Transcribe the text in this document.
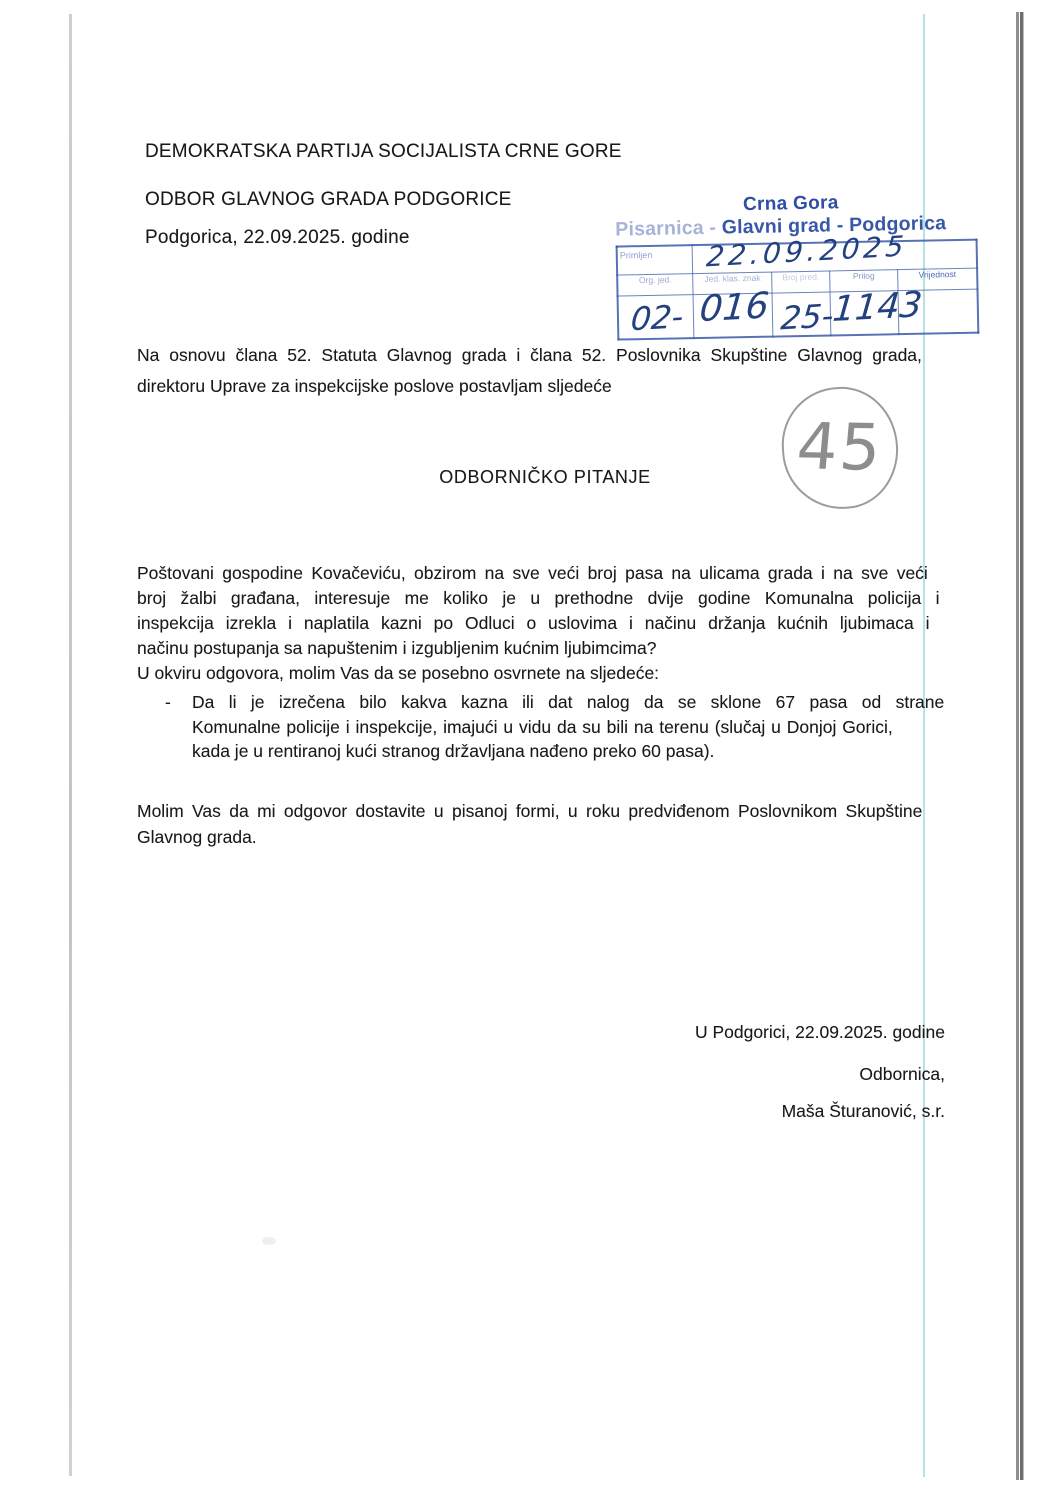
DEMOKRATSKA PARTIJA SOCIJALISTA CRNE GORE
ODBOR GLAVNOG GRADA PODGORICE
Podgorica, 22.09.2025. godine
Crna Gora
Pisarnica - Glavni grad - Podgorica
Primljen	22.09.2025			

Org. jed.	Jed. klas. znak	Broj pred.	Prilog	Vrijednost

02-	016	25-	1143	

Na osnovu člana 52. Statuta Glavnog grada i člana 52. Poslovnika Skupštine Glavnog grada,
direktoru Uprave za inspekcijske poslove postavljam sljedeće
45
ODBORNIČKO PITANJE
Poštovani gospodine Kovačeviću, obzirom na sve veći broj pasa na ulicama grada i na sve veći
broj žalbi građana, interesuje me koliko je u prethodne dvije godine Komunalna policija i
inspekcija izrekla i naplatila kazni po Odluci o uslovima i načinu držanja kućnih ljubimaca i
načinu postupanja sa napuštenim i izgubljenim kućnim ljubimcima?
U okviru odgovora, molim Vas da se posebno osvrnete na sljedeće:
- Da li je izrečena bilo kakva kazna ili dat nalog da se sklone 67 pasa od strane
Komunalne policije i inspekcije, imajući u vidu da su bili na terenu (slučaj u Donjoj Gorici,
kada je u rentiranoj kući stranog državljana nađeno preko 60 pasa).
Molim Vas da mi odgovor dostavite u pisanoj formi, u roku predviđenom Poslovnikom Skupštine
Glavnog grada.
U Podgorici, 22.09.2025. godine
Odbornica,
Maša Šturanović, s.r.
